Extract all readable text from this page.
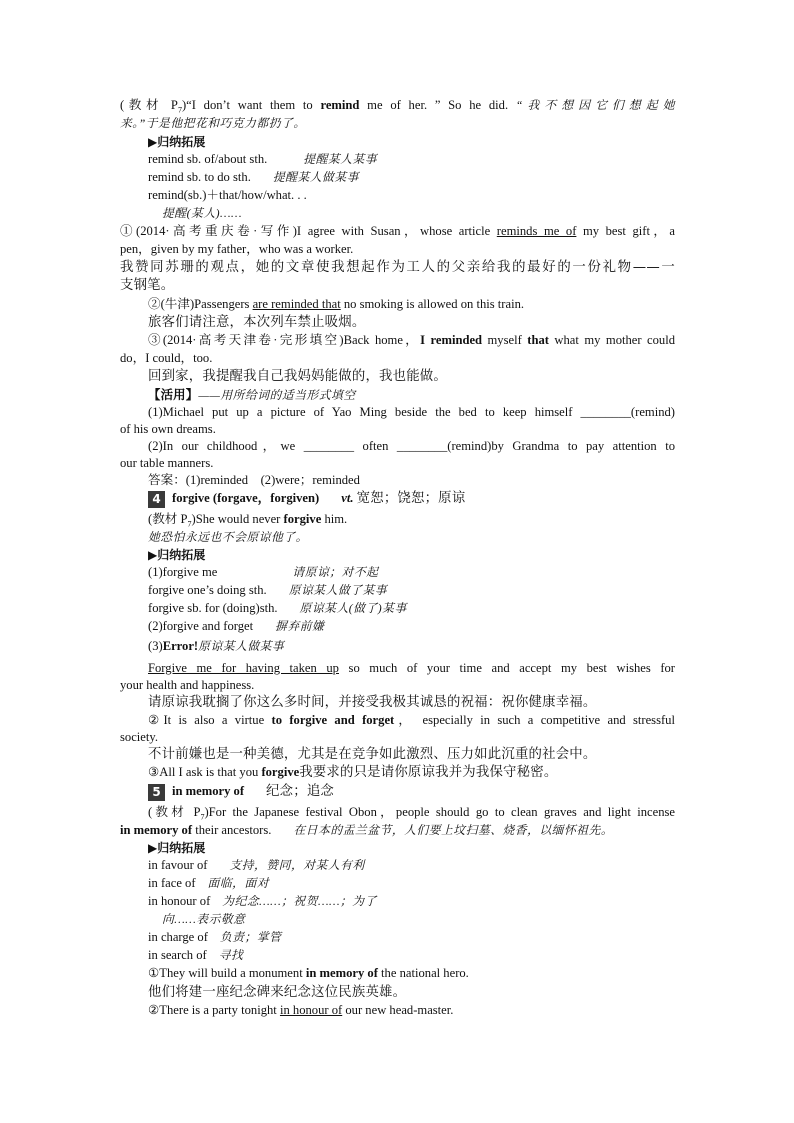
(教材 $P_7)“I$ don’t want them to remind me of her. ” So he did. “我不想因它们想起她
来。”于是他把花和巧克力都扔了。
▶归纳拓展
remind sb. of/about sth.	提醒某人某事
remind sb. to do sth. 提醒某人做某事
remind(sb.)＋that/how/what. . .
提醒(某人)……
①(2014·高考重庆卷·写作)I agree with Susan，whose article reminds me of my best gift，a
pen，given by my father，who was a worker.
我赞同苏珊的观点，她的文章使我想起作为工人的父亲给我的最好的一份礼物——一
支钢笔。
②(牛津)Passengers are reminded that no smoking is allowed on this train.
旅客们请注意，本次列车禁止吸烟。
③(2014·高考天津卷·完形填空)Back home，I reminded myself that what my mother could
do，I could，too.
回到家，我提醒我自己我妈妈能做的，我也能做。
【活用】——用所给词的适当形式填空
(1)Michael put up a picture of Yao Ming beside the bed to keep himself ________(remind)
of his own dreams.
(2)In our childhood，we ________ often ________(remind)by Grandma to pay attention to
our table manners.
答案：(1)reminded　(2)were；reminded
4 forgive (forgave，forgiven) vt. 宽恕；饶恕；原谅
(教材 $P_7)She$ would never forgive him.
她恐怕永远也不会原谅他了。
▶归纳拓展
(1)forgive me	请原谅；对不起
forgive one’s doing sth. 原谅某人做了某事
forgive sb. for (doing)sth. 原谅某人(做了)某事
(2)forgive and forget 摒弃前嫌
(3)Error!原谅某人做某事
Forgive me for having taken up so much of your time and accept my best wishes for
your health and happiness.
请原谅我耽搁了你这么多时间，并接受我极其诚恳的祝福：祝你健康幸福。
②It is also a virtue to forgive and forget， especially in such a competitive and stressful
society.
不计前嫌也是一种美德，尤其是在竞争如此激烈、压力如此沉重的社会中。
③All I ask is that you forgive我要求的只是请你原谅我并为我保守秘密。
5 in memory of 纪念；追念
(教材 $P_7)For$ the Japanese festival Obon，people should go to clean graves and light incense
in memory of their ancestors. 在日本的盂兰盆节，人们要上坟扫墓、烧香，以缅怀祖先。
▶归纳拓展
in favour of 支持，赞同，对某人有利
in face of 面临，面对
in honour of 为纪念……；祝贺……；为了
向……表示敬意
in charge of 负责；掌管
in search of 寻找
①They will build a monument in memory of the national hero.
他们将建一座纪念碑来纪念这位民族英雄。
②There is a party tonight in honour of our new head-master.
